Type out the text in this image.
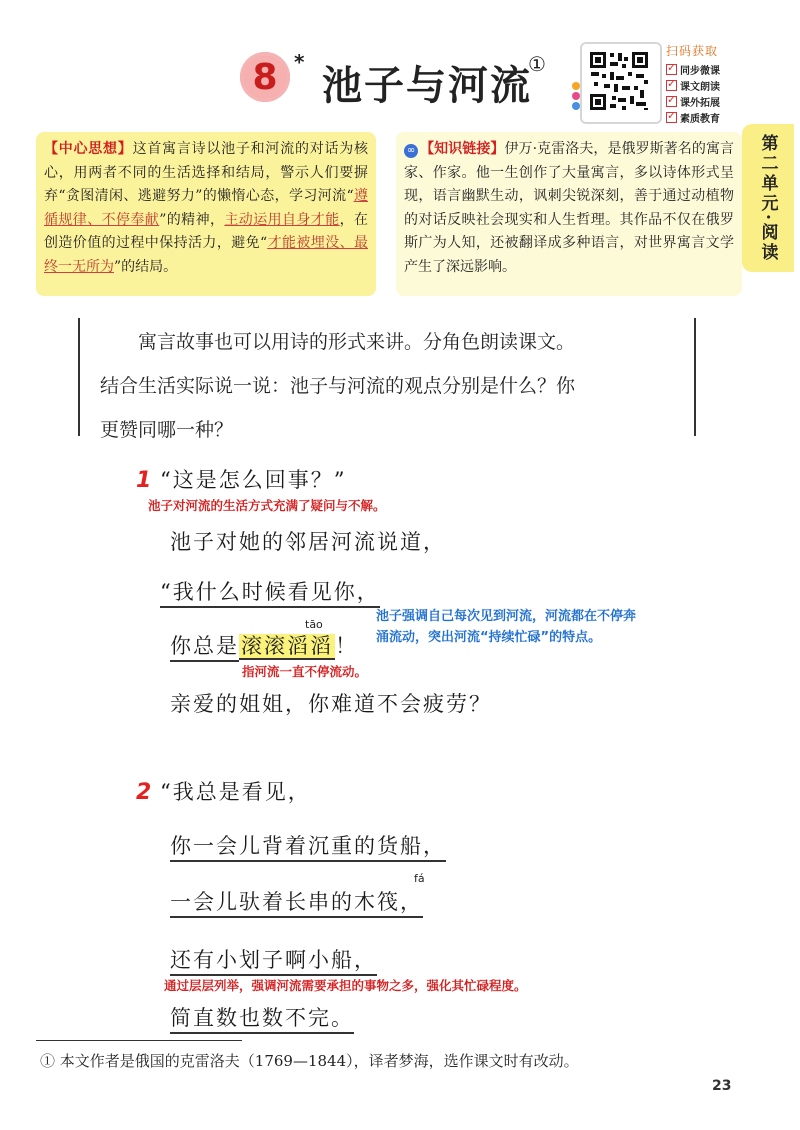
8 * 池子与河流
①
扫码获取
✓
同步微课
✓
课文朗读
✓
课外拓展
✓
素质教育
第二单元·阅读
【中心思想】这首寓言诗以池子和河流的对话为核心，用两者不同的生活选择和结局，警示人们要摒弃“贪图清闲、逃避努力”的懒惰心态，学习河流“遵循规律、不停奉献”的精神，主动运用自身才能，在创造价值的过程中保持活力，避免“才能被埋没、最终一无所为”的结局。
∞ 【知识链接】伊万·克雷洛夫，是俄罗斯著名的寓言家、作家。他一生创作了大量寓言，多以诗体形式呈现，语言幽默生动，讽刺尖锐深刻，善于通过动植物的对话反映社会现实和人生哲理。其作品不仅在俄罗斯广为人知，还被翻译成多种语言，对世界寓言文学产生了深远影响。
寓言故事也可以用诗的形式来讲。分角色朗读课文。
结合生活实际说一说：池子与河流的观点分别是什么？你
更赞同哪一种？
1 “这是怎么回事？”
池子对河流的生活方式充满了疑问与不解。
池子对她的邻居河流说道，
“我什么时候看见你，
tāo
你总是滚滚滔滔！
池子强调自己每次见到河流，河流都在不停奔
涌流动，突出河流“持续忙碌”的特点。
指河流一直不停流动。
亲爱的姐姐，你难道不会疲劳？
2 “我总是看见，
你一会儿背着沉重的货船，
fá
一会儿驮着长串的木筏，
还有小划子啊小船，
通过层层列举，强调河流需要承担的事物之多，强化其忙碌程度。
简直数也数不完。
① 本文作者是俄国的克雷洛夫（1769—1844），译者梦海，选作课文时有改动。
23
